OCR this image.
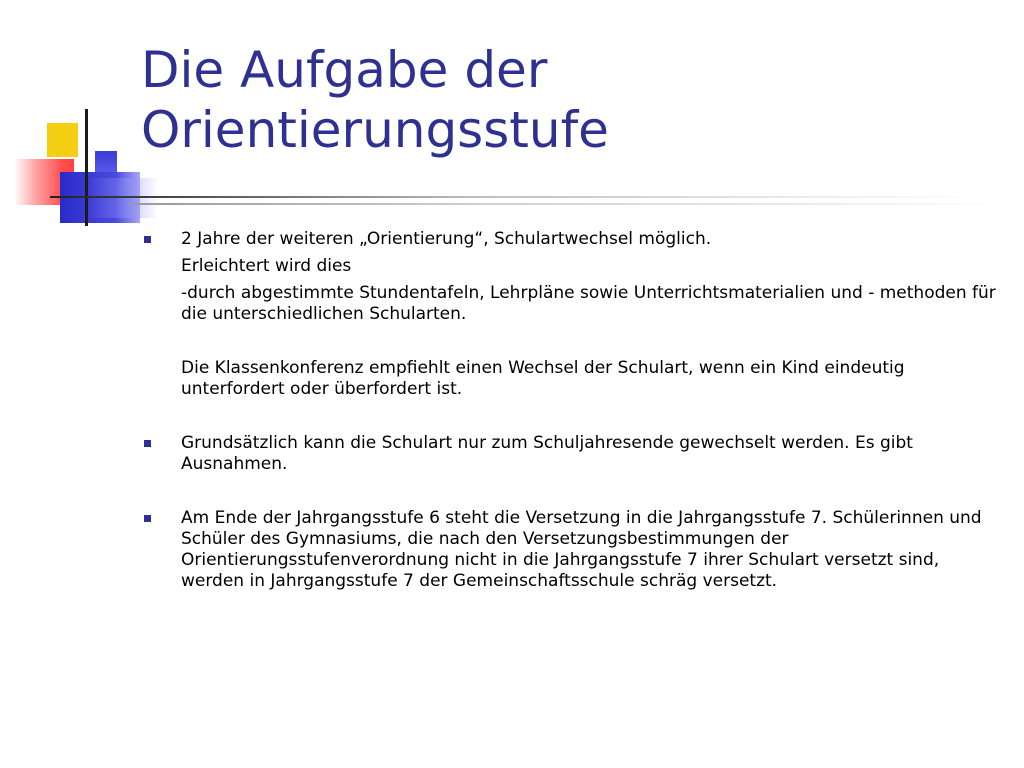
Die Aufgabe der
Orientierungsstufe

2 Jahre der weiteren „Orientierung“, Schulartwechsel möglich.

Erleichtert wird dies

-durch abgestimmte Stundentafeln, Lehrpläne sowie Unterrichtsmaterialien und - methoden für die unterschiedlichen Schularten.

Die Klassenkonferenz empfiehlt einen Wechsel der Schulart, wenn ein Kind eindeutig unterfordert oder überfordert ist.

Grundsätzlich kann die Schulart nur zum Schuljahresende gewechselt werden. Es gibt Ausnahmen.

Am Ende der Jahrgangsstufe 6 steht die Versetzung in die Jahrgangsstufe 7. Schülerinnen und Schüler des Gymnasiums, die nach den Versetzungsbestimmungen der Orientierungsstufenverordnung nicht in die Jahrgangsstufe 7 ihrer Schulart versetzt sind, werden in Jahrgangsstufe 7 der Gemeinschaftsschule schräg versetzt.
